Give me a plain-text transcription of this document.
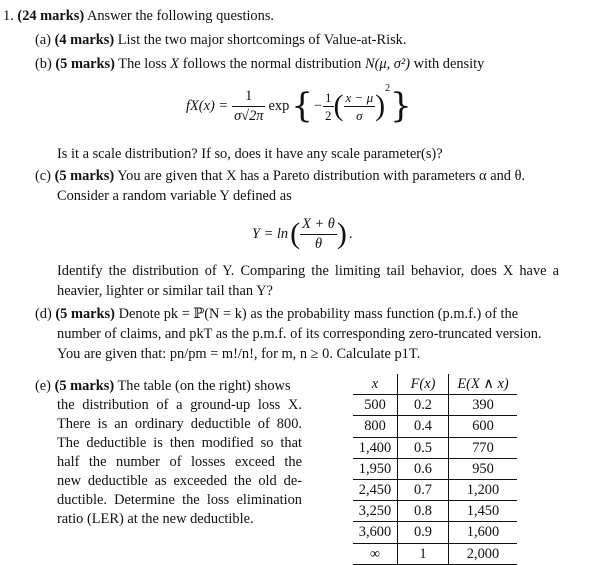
1. (24 marks) Answer the following questions.
(a) (4 marks) List the two major shortcomings of Value-at-Risk.
(b) (5 marks) The loss X follows the normal distribution N(μ, σ²) with density
$fX(x) = \frac{1}{\sigma√2\pi}$ exp { − $\frac{1}{2}$ ( $\frac{x - \mu}{\sigma}$ )
2 }
Is it a scale distribution? If so, does it have any scale parameter(s)?
(c) (5 marks) You are given that X has a Pareto distribution with parameters α and θ.
Consider a random variable Y defined as
Y = ln ( $\frac{X + \theta}{\theta}$ ) .
Identify the distribution of Y. Comparing the limiting tail behavior, does X have a
heavier, lighter or similar tail than Y?
(d) (5 marks) Denote pk = ℙ(N = k) as the probability mass function (p.m.f.) of the
number of claims, and pkT as the p.m.f. of its corresponding zero-truncated version.
You are given that: pn/pm = m!/n!, for m, n ≥ 0. Calculate p1T.
(e) (5 marks) The table (on the right) shows
the distribution of a ground-up loss X.
There is an ordinary deductible of 800.
The deductible is then modified so that
half the number of losses exceed the
new deductible as exceeded the old de-
ductible. Determine the loss elimination
ratio (LER) at the new deductible.
x	F(x)	E(X ∧ x)
500	0.2	390
800	0.4	600
1,400	0.5	770
1,950	0.6	950
2,450	0.7	1,200
3,250	0.8	1,450
3,600	0.9	1,600
∞	1	2,000
